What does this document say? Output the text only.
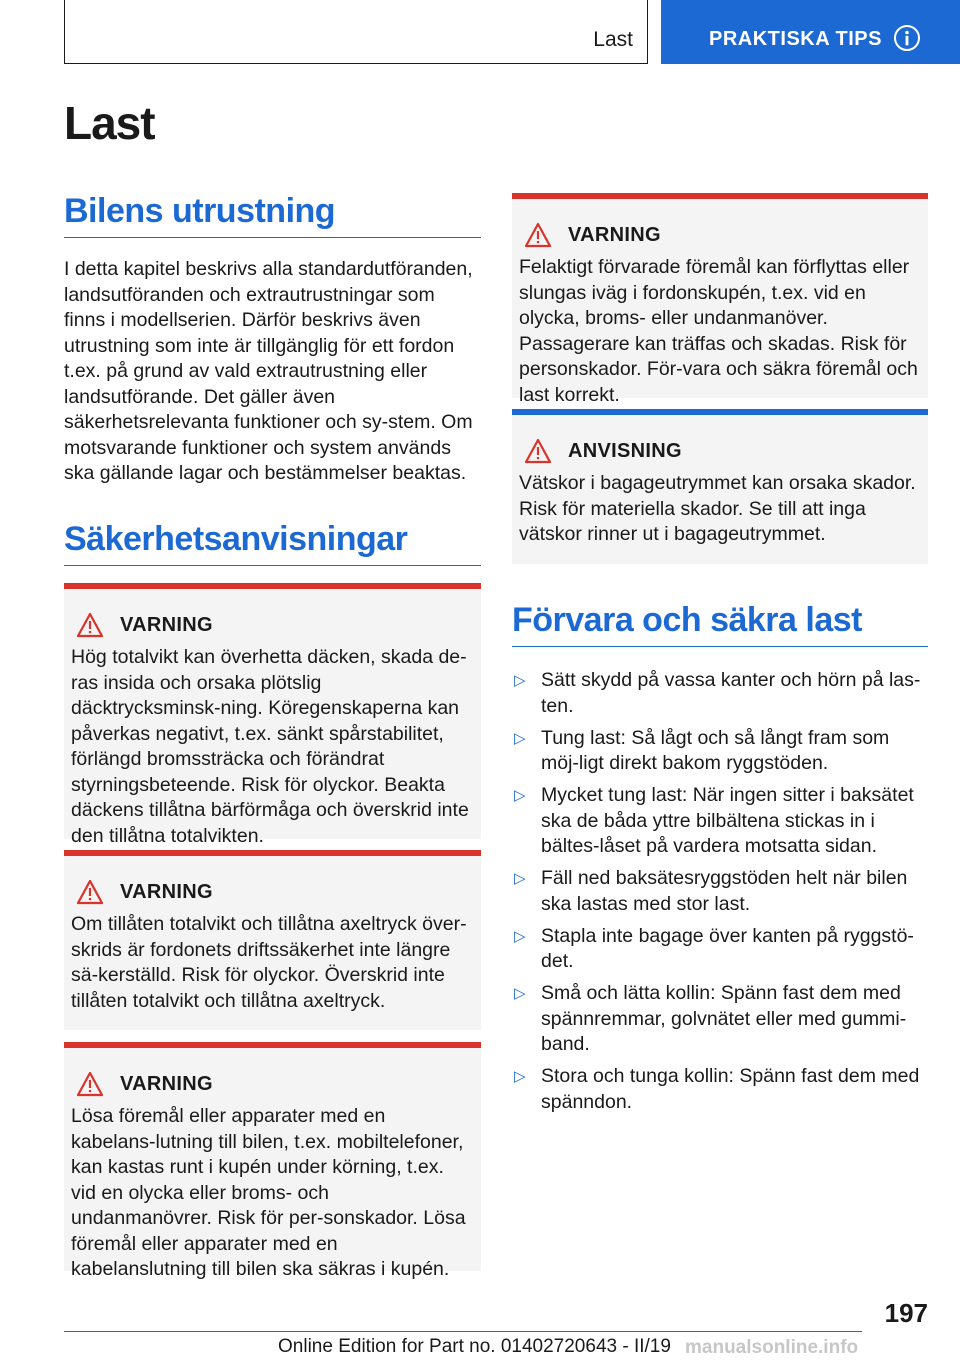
Last	PRAKTISKA TIPS
Last
Bilens utrustning

I detta kapitel beskrivs alla standardutföranden, landsutföranden och extrautrustningar som finns i modellserien. Därför beskrivs även utrustning som inte är tillgänglig för ett fordon t.ex. på grund av vald extrautrustning eller landsutförande. Det gäller även säkerhetsrelevanta funktioner och sy-stem. Om motsvarande funktioner och system används ska gällande lagar och bestämmelser beaktas.

Säkerhetsanvisningar
VARNING

Hög totalvikt kan överhetta däcken, skada de-ras insida och orsaka plötslig däcktrycksminsk-ning. Köregenskaperna kan påverkas negativt, t.ex. sänkt spårstabilitet, förlängd bromssträcka och förändrat styrningsbeteende. Risk för olyckor. Beakta däckens tillåtna bärförmåga och överskrid inte den tillåtna totalvikten.

VARNING

Om tillåten totalvikt och tillåtna axeltryck över-skrids är fordonets driftssäkerhet inte längre sä-kerställd. Risk för olyckor. Överskrid inte tillåten totalvikt och tillåtna axeltryck.

VARNING

Lösa föremål eller apparater med en kabelans-lutning till bilen, t.ex. mobiltelefoner, kan kastas runt i kupén under körning, t.ex. vid en olycka eller broms- och undanmanövrer. Risk för per-sonskador. Lösa föremål eller apparater med en kabelanslutning till bilen ska säkras i kupén.

VARNING

Felaktigt förvarade föremål kan förflyttas eller slungas iväg i fordonskupén, t.ex. vid en olycka, broms- eller undanmanöver. Passagerare kan träffas och skadas. Risk för personskador. För-vara och säkra föremål och last korrekt.

ANVISNING

Vätskor i bagageutrymmet kan orsaka skador. Risk för materiella skador. Se till att inga vätskor rinner ut i bagageutrymmet.

Förvara och säkra last
▷ Sätt skydd på vassa kanter och hörn på las-ten.
▷ Tung last: Så lågt och så långt fram som möj-ligt direkt bakom ryggstöden.
▷ Mycket tung last: När ingen sitter i baksätet ska de båda yttre bilbältena stickas in i bältes-låset på vardera motsatta sidan.
▷ Fäll ned baksätesryggstöden helt när bilen ska lastas med stor last.
▷ Stapla inte bagage över kanten på ryggstö-det.
▷ Små och lätta kollin: Spänn fast dem med spännremmar, golvnätet eller med gummi-band.
▷ Stora och tunga kollin: Spänn fast dem med spänndon.
197
Online Edition for Part no. 01402720643 - II/19 manualsonline.info
